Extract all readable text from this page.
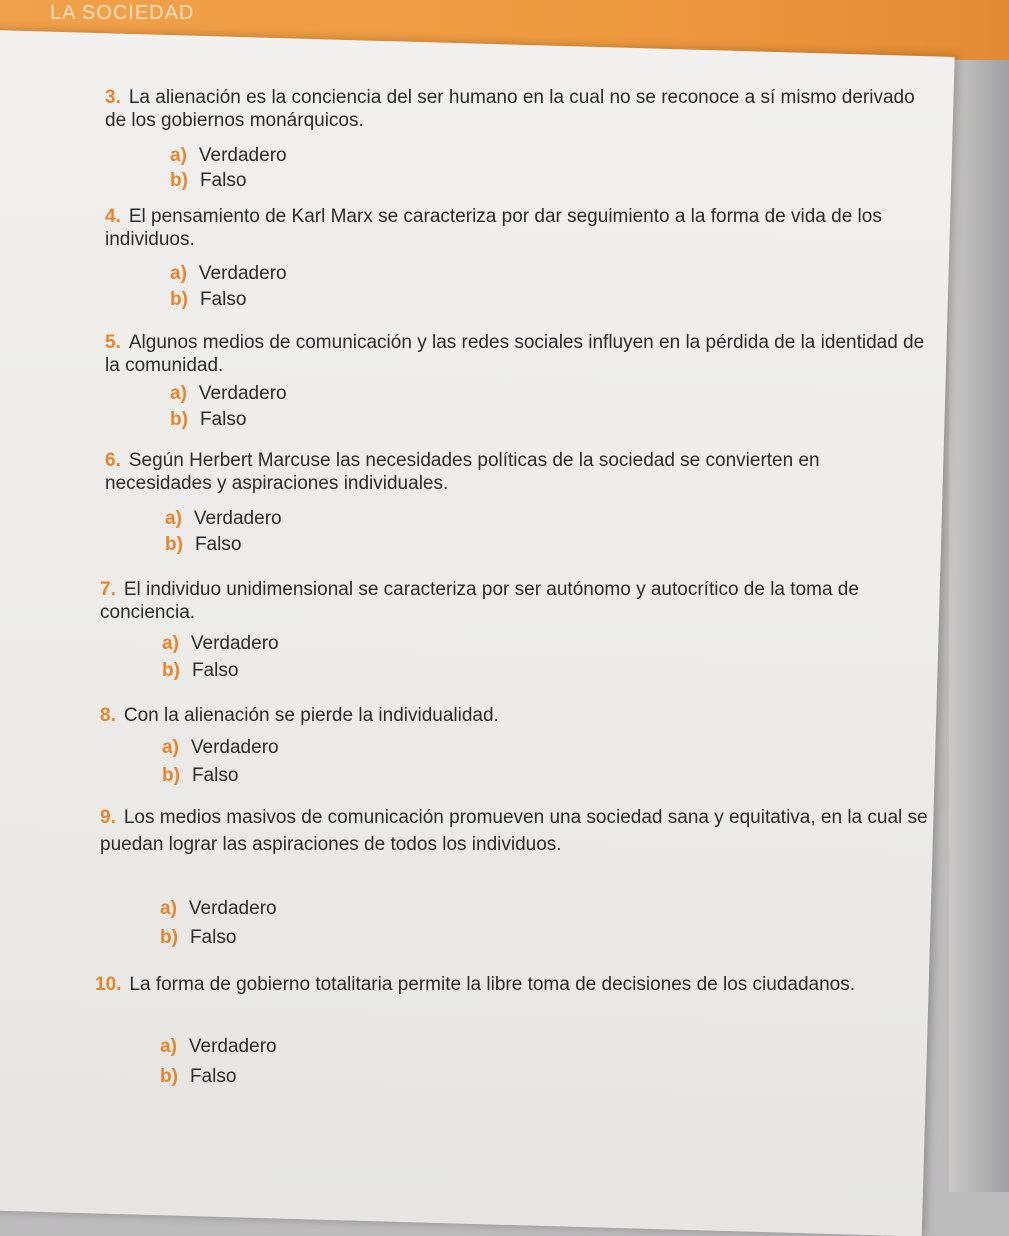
LA SOCIEDAD
3. La alienación es la conciencia del ser humano en la cual no se reconoce a sí mismo derivado de los gobiernos monárquicos.
a) Verdadero
b) Falso
4. El pensamiento de Karl Marx se caracteriza por dar seguimiento a la forma de vida de los individuos.
a) Verdadero
b) Falso
5. Algunos medios de comunicación y las redes sociales influyen en la pérdida de la identidad de la comunidad.
a) Verdadero
b) Falso
6. Según Herbert Marcuse las necesidades políticas de la sociedad se convierten en necesidades y aspiraciones individuales.
a) Verdadero
b) Falso
7. El individuo unidimensional se caracteriza por ser autónomo y autocrítico de la toma de conciencia.
a) Verdadero
b) Falso
8. Con la alienación se pierde la individualidad.
a) Verdadero
b) Falso
9. Los medios masivos de comunicación promueven una sociedad sana y equitativa, en la cual se puedan lograr las aspiraciones de todos los individuos.
a) Verdadero
b) Falso
10. La forma de gobierno totalitaria permite la libre toma de decisiones de los ciudadanos.
a) Verdadero
b) Falso
